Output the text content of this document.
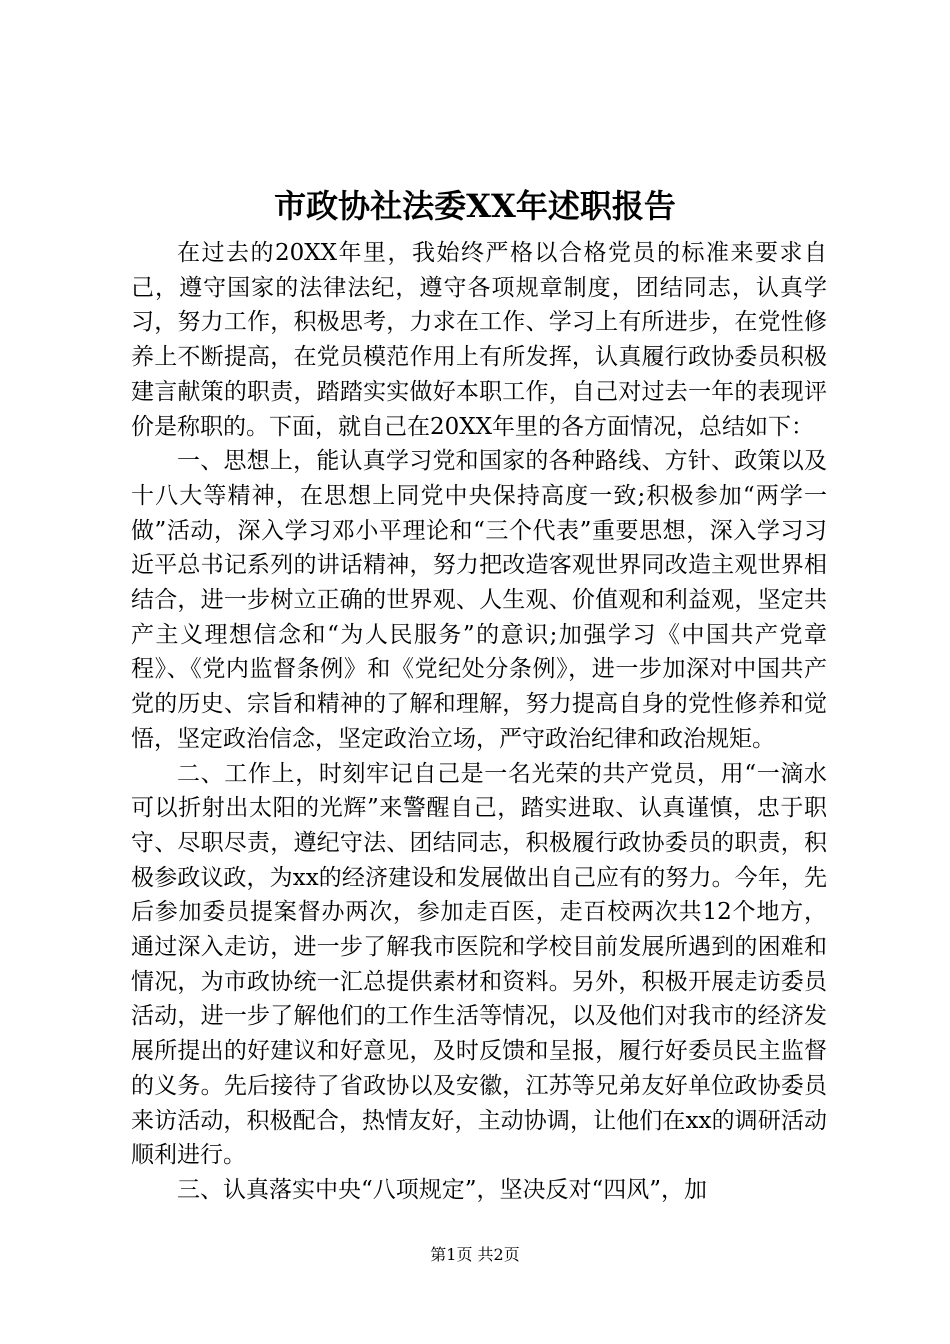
市政协社法委XX年述职报告

在过去的20XX年里，我始终严格以合格党员的标准来要求自己，遵守国家的法律法纪，遵守各项规章制度，团结同志，认真学习，努力工作，积极思考，力求在工作、学习上有所进步，在党性修养上不断提高，在党员模范作用上有所发挥，认真履行政协委员积极建言献策的职责，踏踏实实做好本职工作，自己对过去一年的表现评价是称职的。下面，就自己在20XX年里的各方面情况，总结如下：

一、思想上，能认真学习党和国家的各种路线、方针、政策以及十八大等精神，在思想上同党中央保持高度一致;积极参加“两学一做”活动，深入学习邓小平理论和“三个代表”重要思想，深入学习习近平总书记系列的讲话精神，努力把改造客观世界同改造主观世界相结合，进一步树立正确的世界观、人生观、价值观和利益观，坚定共产主义理想信念和“为人民服务”的意识;加强学习《中国共产党章程》、《党内监督条例》和《党纪处分条例》，进一步加深对中国共产党的历史、宗旨和精神的了解和理解，努力提高自身的党性修养和觉悟，坚定政治信念，坚定政治立场，严守政治纪律和政治规矩。

二、工作上，时刻牢记自己是一名光荣的共产党员，用“一滴水可以折射出太阳的光辉”来警醒自己，踏实进取、认真谨慎，忠于职守、尽职尽责，遵纪守法、团结同志，积极履行政协委员的职责，积极参政议政，为xx的经济建设和发展做出自己应有的努力。今年，先后参加委员提案督办两次，参加走百医，走百校两次共12个地方，通过深入走访，进一步了解我市医院和学校目前发展所遇到的困难和情况，为市政协统一汇总提供素材和资料。另外，积极开展走访委员活动，进一步了解他们的工作生活等情况，以及他们对我市的经济发展所提出的好建议和好意见，及时反馈和呈报，履行好委员民主监督的义务。先后接待了省政协以及安徽，江苏等兄弟友好单位政协委员来访活动，积极配合，热情友好，主动协调，让他们在xx的调研活动顺利进行。

三、认真落实中央“八项规定”，坚决反对“四风”，加

第1页 共2页
